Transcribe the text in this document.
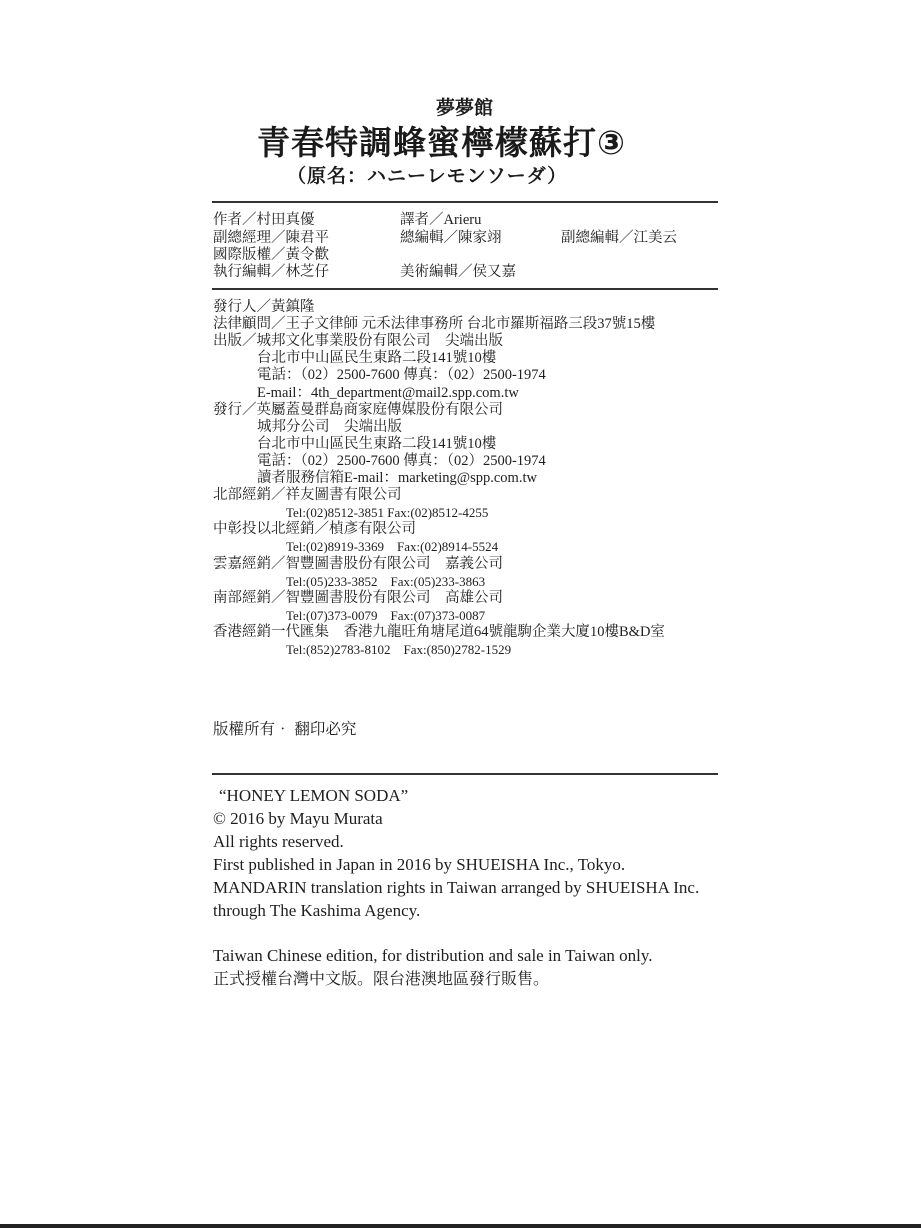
夢夢館
青春特調蜂蜜檸檬蘇打③
（原名：ハニーレモンソーダ）
作者／村田真優	譯者／Arieru
副總經理／陳君平	總編輯／陳家翊	副總編輯／江美云
國際版權／黃令歡
執行編輯／林芝仔	美術編輯／侯又嘉
發行人／黃鎮隆
法律顧問／王子文律師 元禾法律事務所 台北市羅斯福路三段37號15樓
出版／城邦文化事業股份有限公司　尖端出版
台北市中山區民生東路二段141號10樓
電話：（02）2500-7600 傳真：（02）2500-1974
E-mail：4th_department@mail2.spp.com.tw
發行／英屬蓋曼群島商家庭傳媒股份有限公司
城邦分公司　尖端出版
台北市中山區民生東路二段141號10樓
電話：（02）2500-7600 傳真：（02）2500-1974
讀者服務信箱E-mail：marketing@spp.com.tw
北部經銷／祥友圖書有限公司
Tel:(02)8512-3851 Fax:(02)8512-4255
中彰投以北經銷／楨彥有限公司
Tel:(02)8919-3369　Fax:(02)8914-5524
雲嘉經銷／智豐圖書股份有限公司　嘉義公司
Tel:(05)233-3852　Fax:(05)233-3863
南部經銷／智豐圖書股份有限公司　高雄公司
Tel:(07)373-0079　Fax:(07)373-0087
香港經銷一代匯集　香港九龍旺角塘尾道64號龍駒企業大廈10樓B&D室
Tel:(852)2783-8102　Fax:(850)2782-1529
版權所有‧ 翻印必究
“HONEY LEMON SODA”
© 2016 by Mayu Murata
All rights reserved.
First published in Japan in 2016 by SHUEISHA Inc., Tokyo.
MANDARIN translation rights in Taiwan arranged by SHUEISHA Inc.
through The Kashima Agency.
Taiwan Chinese edition, for distribution and sale in Taiwan only.
正式授權台灣中文版。限台港澳地區發行販售。
